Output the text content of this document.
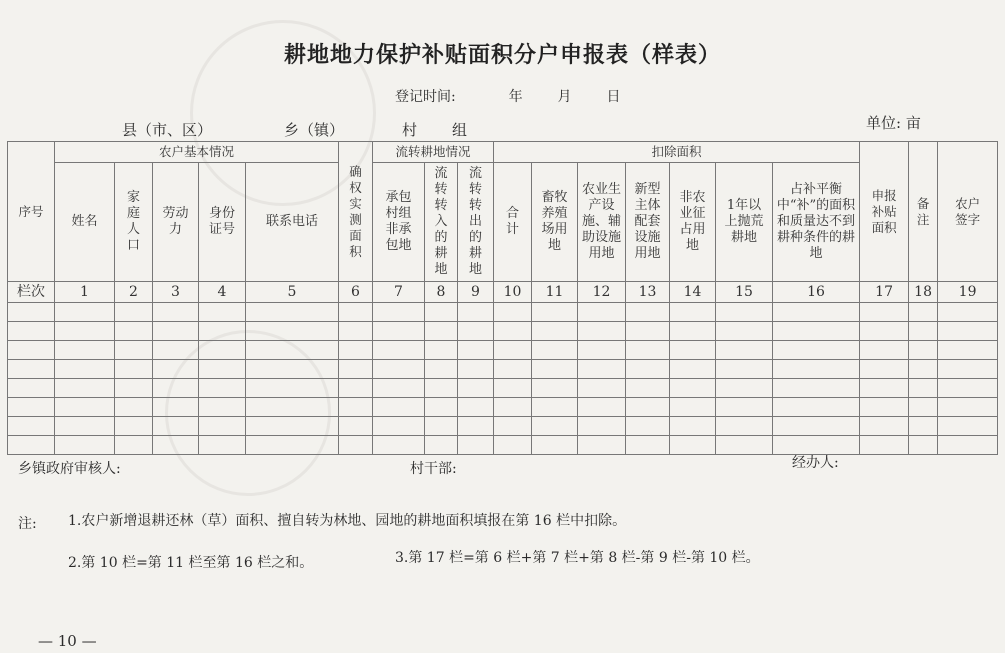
耕地地力保护补贴面积分户申报表（样表）
登记时间:	年 月 日
单位: 亩
县（市、区）	乡（镇）	村 组
序号	农户基本情况					确权实测面积	流转耕地情况			扣除面积							申报补贴面积	备注	农户签字
	姓名	家庭人口	劳动力	身份证号	联系电话		承包村组非承包地	流转转入的耕地	流转转出的耕地	合计	畜牧养殖场用地	农业生产设施、辅助设施用地	新型主体配套设施用地	非农业征占用地	1年以上抛荒耕地	占补平衡中“补”的面积和质量达不到耕种条件的耕地			
栏次	1	2	3	4	5	6	7	8	9	10	11	12	13	14	15	16	17	18	19

乡镇政府审核人:	村干部:	经办人:
注: 1.农户新增退耕还林（草）面积、擅自转为林地、园地的耕地面积填报在第 16 栏中扣除。
2.第 10 栏=第 11 栏至第 16 栏之和。	3.第 17 栏=第 6 栏+第 7 栏+第 8 栏-第 9 栏-第 10 栏。
— 10 —
